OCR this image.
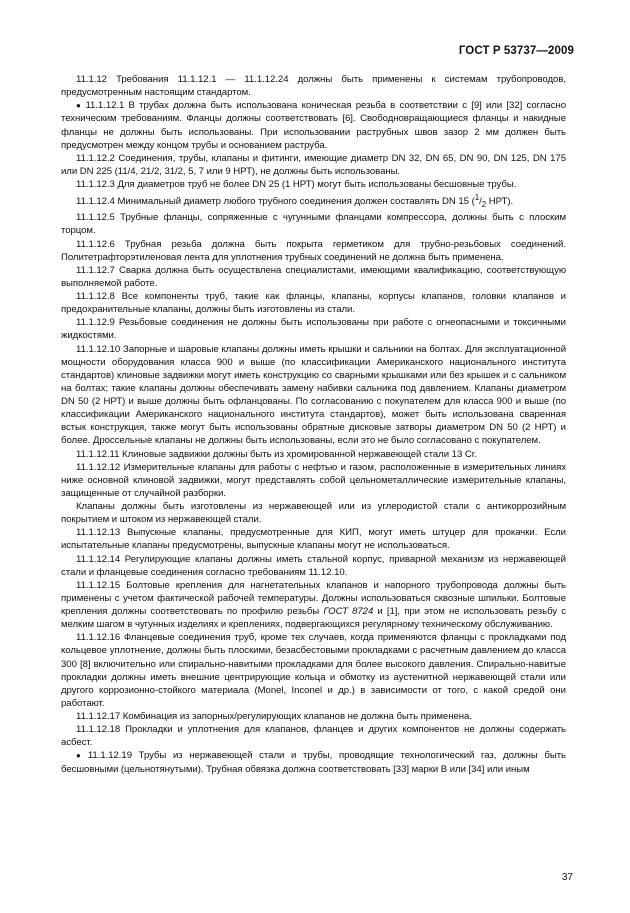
ГОСТ Р 53737—2009

11.1.12 Требования 11.1.12.1 — 11.1.12.24 должны быть применены к системам трубопроводов, предусмотренным настоящим стандартом.

● 11.1.12.1 В трубах должна быть использована коническая резьба в соответствии с [9] или [32] согласно техническим требованиям. Фланцы должны соответствовать [6]. Свободновращающиеся фланцы и накидные фланцы не должны быть использованы. При использовании раструбных швов зазор 2 мм должен быть предусмотрен между концом трубы и основанием раструба.

11.1.12.2 Соединения, трубы, клапаны и фитинги, имеющие диаметр DN 32, DN 65, DN 90, DN 125, DN 175 или DN 225 (11/4, 21/2, 31/2, 5, 7 или 9 НРТ), не должны быть использованы.

11.1.12.3 Для диаметров труб не более DN 25 (1 НРТ) могут быть использованы бесшовные трубы.

11.1.12.4 Минимальный диаметр любого трубного соединения должен составлять DN 15 ($^1/_2$ НРТ).

11.1.12.5 Трубные фланцы, сопряженные с чугунными фланцами компрессора, должны быть с плоским торцом.

11.1.12.6 Трубная резьба должна быть покрыта герметиком для трубно-резьбовых соединений. Политетрафторэтиленовая лента для уплотнения трубных соединений не должна быть применена.

11.1.12.7 Сварка должна быть осуществлена специалистами, имеющими квалификацию, соответствующую выполняемой работе.

11.1.12.8 Все компоненты труб, такие как фланцы, клапаны, корпусы клапанов, головки клапанов и предохранительные клапаны, должны быть изготовлены из стали.

11.1.12.9 Резьбовые соединения не должны быть использованы при работе с огнеопасными и токсичными жидкостями.

11.1.12.10 Запорные и шаровые клапаны должны иметь крышки и сальники на болтах. Для эксплуатационной мощности оборудования класса 900 и выше (по классификации Американского национального института стандартов) клиновые задвижки могут иметь конструкцию со сварными крышками или без крышек и с сальником на болтах; такие клапаны должны обеспечивать замену набивки сальника под давлением. Клапаны диаметром DN 50 (2 НРТ) и выше должны быть офланцованы. По согласованию с покупателем для класса 900 и выше (по классификации Американского национального института стандартов), может быть использована сваренная встык конструкция, также могут быть использованы обратные дисковые затворы диаметром DN 50 (2 НРТ) и более. Дроссельные клапаны не должны быть использованы, если это не было согласовано с покупателем.

11.1.12.11 Клиновые задвижки должны быть из хромированной нержавеющей стали 13 Cr.

11.1.12.12 Измерительные клапаны для работы с нефтью и газом, расположенные в измерительных линиях ниже основной клиновой задвижки, могут представлять собой цельнометаллические измерительные клапаны, защищенные от случайной разборки.

Клапаны должны быть изготовлены из нержавеющей или из углеродистой стали с антикоррозийным покрытием и штоком из нержавеющей стали.

11.1.12.13 Выпускные клапаны, предусмотренные для КИП, могут иметь штуцер для прокачки. Если испытательные клапаны предусмотрены, выпускные клапаны могут не использоваться.

11.1.12.14 Регулирующие клапаны должны иметь стальной корпус, приварной механизм из нержавеющей стали и фланцевые соединения согласно требованиям 11.12.10.

11.1.12.15 Болтовые крепления для нагнетательных клапанов и напорного трубопровода должны быть применены с учетом фактической рабочей температуры. Должны использоваться сквозные шпильки. Болтовые крепления должны соответствовать по профилю резьбы ГОСТ 8724 и [1], при этом не использовать резьбу с мелким шагом в чугунных изделиях и креплениях, подвергающихся регулярному техническому обслуживанию.

11.1.12.16 Фланцевые соединения труб, кроме тех случаев, когда применяются фланцы с прокладками под кольцевое уплотнение, должны быть плоскими, безасбестовыми прокладками с расчетным давлением до класса 300 [8] включительно или спирально-навитыми прокладками для более высокого давления. Спирально-навитые прокладки должны иметь внешние центрирующие кольца и обмотку из аустенитной нержавеющей стали или другого коррозионно-стойкого материала (Monel, Inconel и др.) в зависимости от того, с какой средой они работают.

11.1.12.17 Комбинация из запорных/регулирующих клапанов не должна быть применена.

11.1.12.18 Прокладки и уплотнения для клапанов, фланцев и других компонентов не должны содержать асбест.

● 11.1.12.19 Трубы из нержавеющей стали и трубы, проводящие технологический газ, должны быть бесшовными (цельнотянутыми). Трубная обвязка должна соответствовать [33] марки В или [34] или иным

37
